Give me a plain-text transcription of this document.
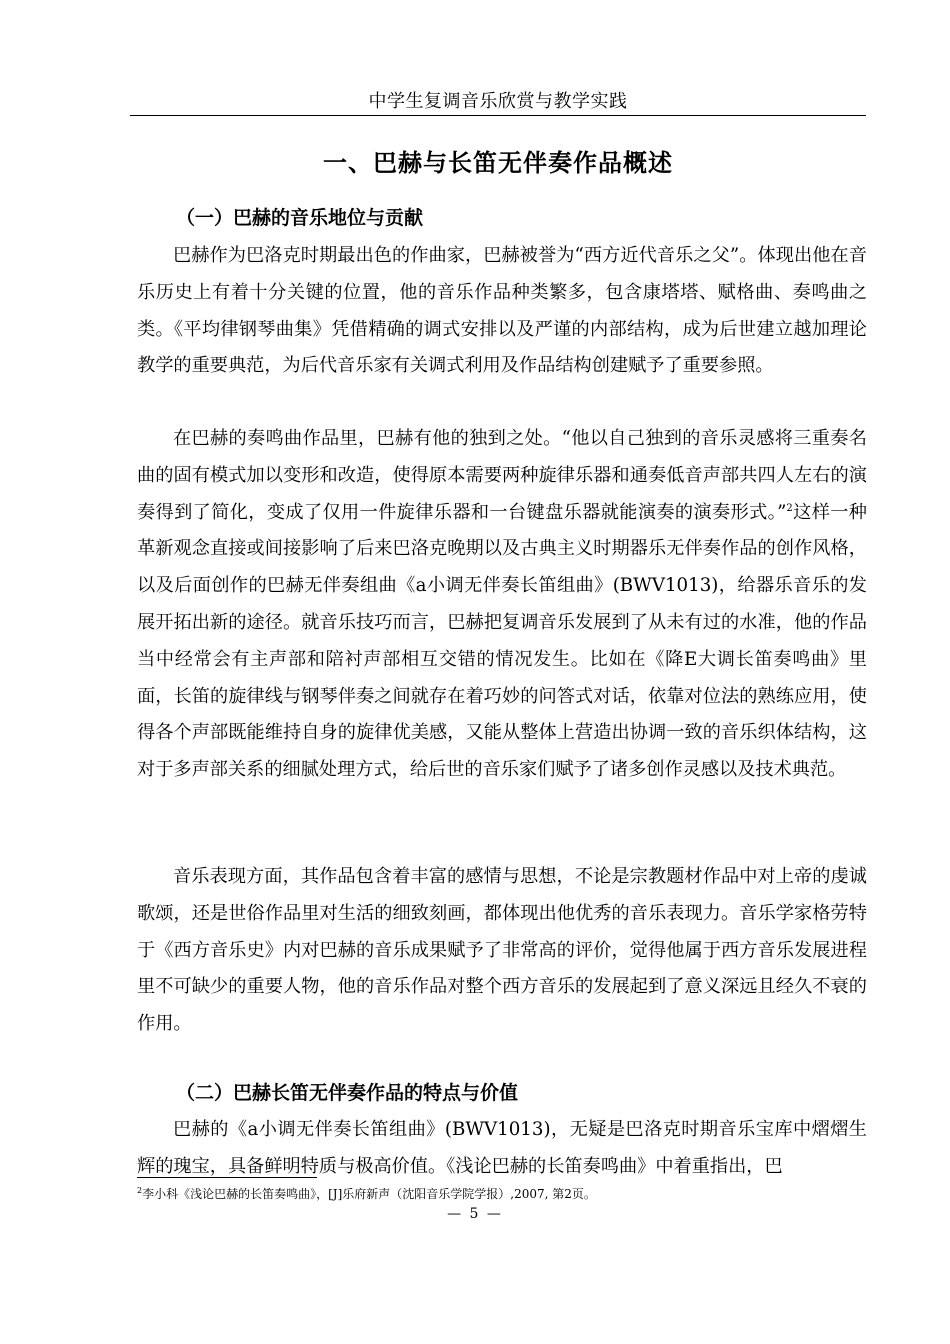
中学生复调音乐欣赏与教学实践
一、巴赫与长笛无伴奏作品概述
（一）巴赫的音乐地位与贡献

巴赫作为巴洛克时期最出色的作曲家，巴赫被誉为“西方近代音乐之父”。体现出他在音乐历史上有着十分关键的位置，他的音乐作品种类繁多，包含康塔塔、赋格曲、奏鸣曲之类。《平均律钢琴曲集》凭借精确的调式安排以及严谨的内部结构，成为后世建立越加理论教学的重要典范，为后代音乐家有关调式利用及作品结构创建赋予了重要参照。

在巴赫的奏鸣曲作品里，巴赫有他的独到之处。“他以自己独到的音乐灵感将三重奏名曲的固有模式加以变形和改造，使得原本需要两种旋律乐器和通奏低音声部共四人左右的演奏得到了简化，变成了仅用一件旋律乐器和一台键盘乐器就能演奏的演奏形式。”$^2$这样一种革新观念直接或间接影响了后来巴洛克晚期以及古典主义时期器乐无伴奏作品的创作风格，以及后面创作的巴赫无伴奏组曲《a小调无伴奏长笛组曲》(BWV1013)，给器乐音乐的发展开拓出新的途径。就音乐技巧而言，巴赫把复调音乐发展到了从未有过的水准，他的作品当中经常会有主声部和陪衬声部相互交错的情况发生。比如在《降E大调长笛奏鸣曲》里面，长笛的旋律线与钢琴伴奏之间就存在着巧妙的问答式对话，依靠对位法的熟练应用，使得各个声部既能维持自身的旋律优美感，又能从整体上营造出协调一致的音乐织体结构，这对于多声部关系的细腻处理方式，给后世的音乐家们赋予了诸多创作灵感以及技术典范。

音乐表现方面，其作品包含着丰富的感情与思想，不论是宗教题材作品中对上帝的虔诚歌颂，还是世俗作品里对生活的细致刻画，都体现出他优秀的音乐表现力。音乐学家格劳特于《西方音乐史》内对巴赫的音乐成果赋予了非常高的评价，觉得他属于西方音乐发展进程里不可缺少的重要人物，他的音乐作品对整个西方音乐的发展起到了意义深远且经久不衰的作用。

（二）巴赫长笛无伴奏作品的特点与价值

巴赫的《a小调无伴奏长笛组曲》(BWV1013)，无疑是巴洛克时期音乐宝库中熠熠生辉的瑰宝，具备鲜明特质与极高价值。《浅论巴赫的长笛奏鸣曲》中着重指出，巴

$^2$李小科《浅论巴赫的长笛奏鸣曲》，[J]乐府新声（沈阳音乐学院学报）,2007, 第2页。
— 5 —
